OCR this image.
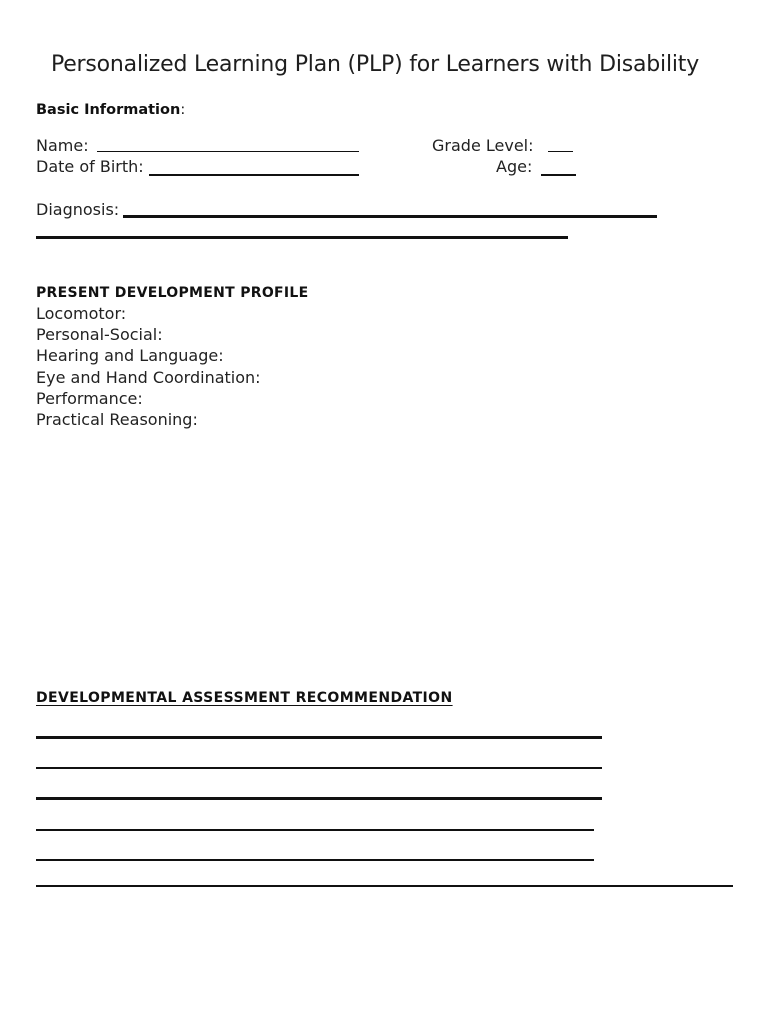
Personalized Learning Plan (PLP) for Learners with Disability
Basic Information:
Name:	Grade Level:
Date of Birth:	Age:
Diagnosis:
PRESENT DEVELOPMENT PROFILE
Locomotor:
Personal-Social:
Hearing and Language:
Eye and Hand Coordination:
Performance:
Practical Reasoning:
DEVELOPMENTAL ASSESSMENT RECOMMENDATION
